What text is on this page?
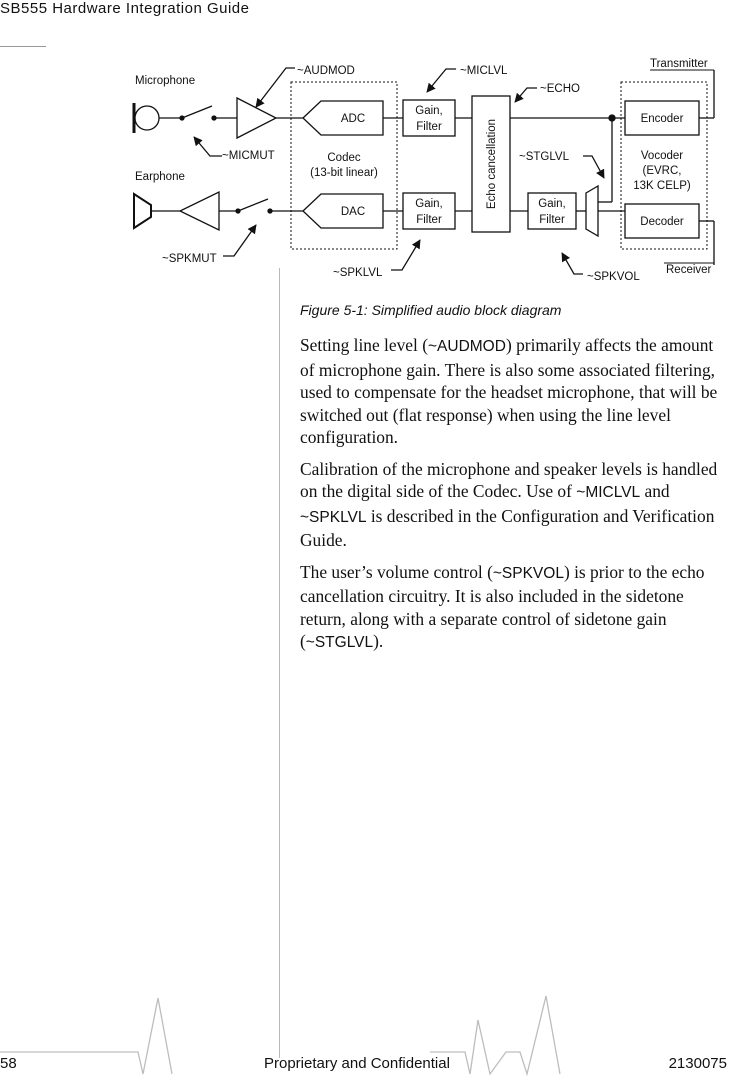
SB555 Hardware Integration Guide
Microphone
Earphone
~AUDMOD
~MICMUT
~SPKMUT
Codec
(13-bit linear)
ADC
DAC
Gain,
Filter
Gain,
Filter
Gain,
Filter
~MICLVL
~SPKLVL
Echo cancellation
~ECHO
~STGLVL
~SPKVOL
Vocoder
(EVRC,
13K CELP)
Encoder
Decoder
Transmitter
Receiver
Figure 5-1: Simplified audio block diagram

Setting line level (~AUDMOD) primarily affects the amount of microphone gain. There is also some associated filtering, used to compensate for the headset microphone, that will be switched out (flat response) when using the line level configuration.

Calibration of the microphone and speaker levels is handled on the digital side of the Codec. Use of ~MICLVL and ~SPKLVL is described in the Configuration and Verification Guide.

The user’s volume control (~SPKVOL) is prior to the echo cancellation circuitry. It is also included in the sidetone return, along with a separate control of sidetone gain (~STGLVL).

58	Proprietary and Confidential	2130075
